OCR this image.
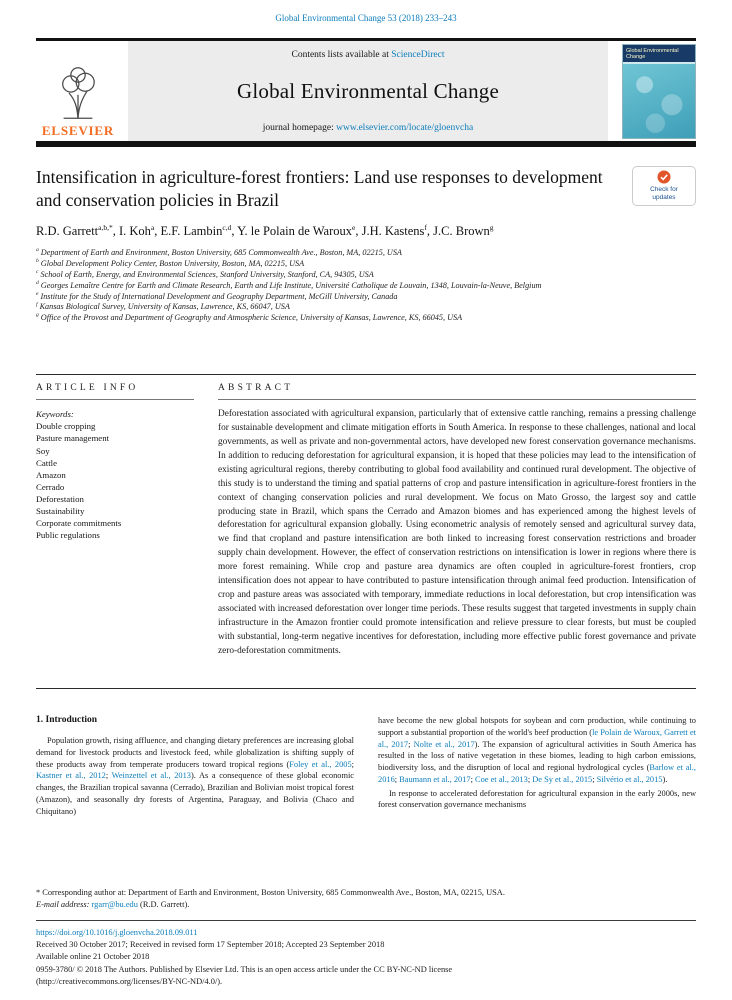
Global Environmental Change 53 (2018) 233–243
ELSEVIER
Contents lists available at ScienceDirect
Global Environmental Change
journal homepage: www.elsevier.com/locate/gloenvcha
Global Environmental Change
Intensification in agriculture-forest frontiers: Land use responses to development and conservation policies in Brazil
Check for updates
R.D. Garrett$^{a,b,*}$, I. Koh$^a$, E.F. Lambin$^{c,d}$, Y. le Polain de Waroux$^e$, J.H. Kastens$^f$, J.C. Brown$^g$
$^a$ Department of Earth and Environment, Boston University, 685 Commonwealth Ave., Boston, MA, 02215, USA
$^b$ Global Development Policy Center, Boston University, Boston, MA, 02215, USA
$^c$ School of Earth, Energy, and Environmental Sciences, Stanford University, Stanford, CA, 94305, USA
$^d$ Georges Lemaître Centre for Earth and Climate Research, Earth and Life Institute, Université Catholique de Louvain, 1348, Louvain-la-Neuve, Belgium
$^e$ Institute for the Study of International Development and Geography Department, McGill University, Canada
$^f$ Kansas Biological Survey, University of Kansas, Lawrence, KS, 66047, USA
$^g$ Office of the Provost and Department of Geography and Atmospheric Science, University of Kansas, Lawrence, KS, 66045, USA
ARTICLE INFO
Keywords:
Double cropping
Pasture management
Soy
Cattle
Amazon
Cerrado
Deforestation
Sustainability
Corporate commitments
Public regulations
ABSTRACT
Deforestation associated with agricultural expansion, particularly that of extensive cattle ranching, remains a pressing challenge for sustainable development and climate mitigation efforts in South America. In response to these challenges, national and local governments, as well as private and non-governmental actors, have developed new forest conservation governance mechanisms. In addition to reducing deforestation for agricultural expansion, it is hoped that these policies may lead to the intensification of existing agricultural regions, thereby contributing to global food availability and continued rural development. The objective of this study is to understand the timing and spatial patterns of crop and pasture intensification in agriculture-forest frontiers in the context of changing conservation policies and rural development. We focus on Mato Grosso, the largest soy and cattle producing state in Brazil, which spans the Cerrado and Amazon biomes and has experienced among the highest levels of deforestation for agricultural expansion globally. Using econometric analysis of remotely sensed and agricultural survey data, we find that cropland and pasture intensification are both linked to increasing forest conservation restrictions and broader supply chain development. However, the effect of conservation restrictions on intensification is lower in regions where there is more forest remaining. While crop and pasture area dynamics are often coupled in agriculture-forest frontiers, crop intensification does not appear to have contributed to pasture intensification through animal feed production. Intensification of crop and pasture areas was associated with temporary, immediate reductions in local deforestation, but crop intensification was associated with increased deforestation over longer time periods. These results suggest that targeted investments in supply chain infrastructure in the Amazon frontier could promote intensification and relieve pressure to clear forests, but must be coupled with substantial, long-term negative incentives for deforestation, including more effective public forest governance and private zero-deforestation commitments.
1. Introduction

Population growth, rising affluence, and changing dietary preferences are increasing global demand for livestock products and livestock feed, while globalization is shifting supply of these products away from temperate producers toward tropical regions (Foley et al., 2005; Kastner et al., 2012; Weinzettel et al., 2013). As a consequence of these global economic changes, the Brazilian tropical savanna (Cerrado), Brazilian and Bolivian moist tropical forest (Amazon), and seasonally dry forests of Argentina, Paraguay, and Bolivia (Chaco and Chiquitano)

have become the new global hotspots for soybean and corn production, while continuing to support a substantial proportion of the world's beef production (le Polain de Waroux, Garrett et al., 2017; Nolte et al., 2017). The expansion of agricultural activities in South America has resulted in the loss of native vegetation in these biomes, leading to high carbon emissions, biodiversity loss, and the disruption of local and regional hydrological cycles (Barlow et al., 2016; Baumann et al., 2017; Coe et al., 2013; De Sy et al., 2015; Silvério et al., 2015).

In response to accelerated deforestation for agricultural expansion in the early 2000s, new forest conservation governance mechanisms

* Corresponding author at: Department of Earth and Environment, Boston University, 685 Commonwealth Ave., Boston, MA, 02215, USA.
E-mail address: rgarr@bu.edu (R.D. Garrett).
https://doi.org/10.1016/j.gloenvcha.2018.09.011
Received 30 October 2017; Received in revised form 17 September 2018; Accepted 23 September 2018
Available online 21 October 2018
0959-3780/ © 2018 The Authors. Published by Elsevier Ltd. This is an open access article under the CC BY-NC-ND license
(http://creativecommons.org/licenses/BY-NC-ND/4.0/).
